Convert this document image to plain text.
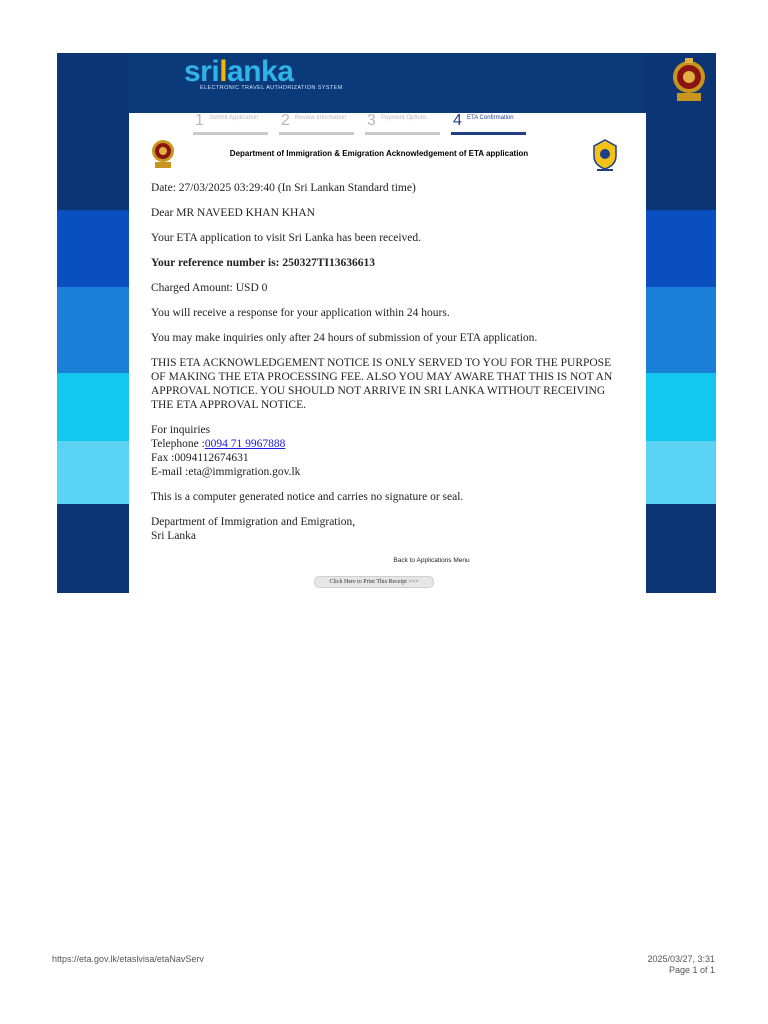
srilanka
ELECTRONIC TRAVEL AUTHORIZATION SYSTEM
1 Submit Application	2 Review Information	3 Payment Options	4 ETA Confirmation
Department of Immigration & Emigration Acknowledgement of ETA application

Date: 27/03/2025 03:29:40 (In Sri Lankan Standard time)

Dear MR NAVEED KHAN KHAN

Your ETA application to visit Sri Lanka has been received.

Your reference number is: 250327TI13636613

Charged Amount: USD 0

You will receive a response for your application within 24 hours.

You may make inquiries only after 24 hours of submission of your ETA application.

THIS ETA ACKNOWLEDGEMENT NOTICE IS ONLY SERVED TO YOU FOR THE PURPOSE OF MAKING THE ETA PROCESSING FEE. ALSO YOU MAY AWARE THAT THIS IS NOT AN APPROVAL NOTICE. YOU SHOULD NOT ARRIVE IN SRI LANKA WITHOUT RECEIVING THE ETA APPROVAL NOTICE.

For inquiries
Telephone :0094 71 9967888
Fax :0094112674631
E-mail :eta@immigration.gov.lk

This is a computer generated notice and carries no signature or seal.

Department of Immigration and Emigration,
Sri Lanka

Back to Applications Menu
Click Here to Print This Receipt >>>
https://eta.gov.lk/etaslvisa/etaNavServ	2025/03/27, 3:31
Page 1 of 1
